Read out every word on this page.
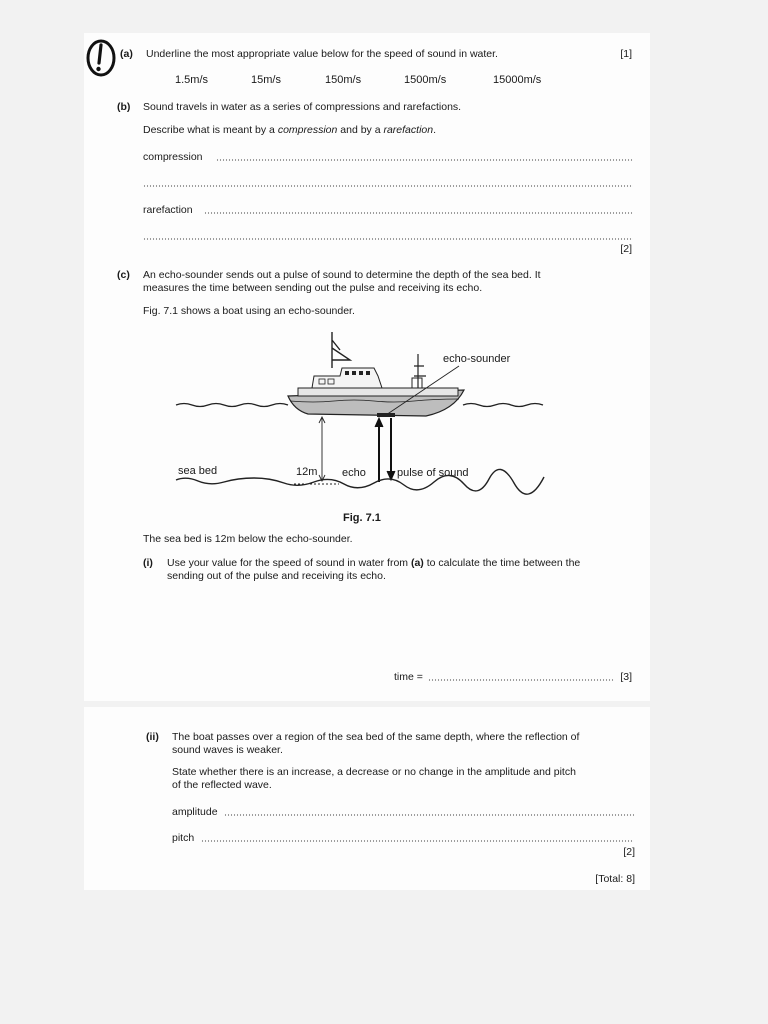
(a) Underline the most appropriate value below for the speed of sound in water.	[1]
1.5m/s	15m/s	150m/s	1500m/s	15000m/s
(b) Sound travels in water as a series of compressions and rarefactions.
Describe what is meant by a compression and by a rarefaction.
compression
rarefaction
[2]
(c) An echo-sounder sends out a pulse of sound to determine the depth of the sea bed. It
measures the time between sending out the pulse and receiving its echo.
Fig. 7.1 shows a boat using an echo-sounder.
echo-sounder
12m echo	pulse of sound
sea bed
Fig. 7.1
The sea bed is 12m below the echo-sounder.
(i) Use your value for the speed of sound in water from (a) to calculate the time between the
sending out of the pulse and receiving its echo.
time =	[3]
(ii) The boat passes over a region of the sea bed of the same depth, where the reflection of
sound waves is weaker.
State whether there is an increase, a decrease or no change in the amplitude and pitch
of the reflected wave.
amplitude
pitch
[2]
[Total: 8]
